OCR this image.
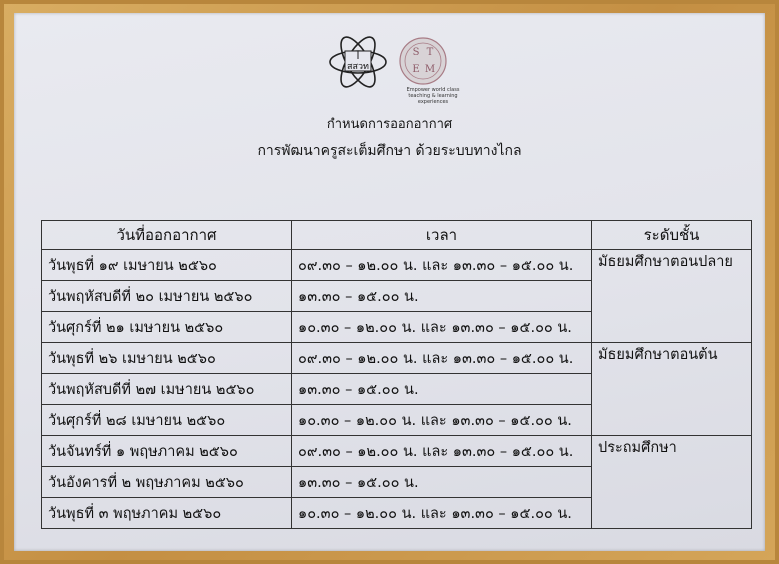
สสวท
S T
E M
Empower world class
teaching & learning experiences
กำหนดการออกอากาศ
การพัฒนาครูสะเต็มศึกษา ด้วยระบบทางไกล
วันที่ออกอากาศ	เวลา	ระดับชั้น
วันพุธที่ ๑๙ เมษายน ๒๕๖๐	๐๙.๓๐ – ๑๒.๐๐ น. และ ๑๓.๓๐ – ๑๕.๐๐ น.	มัธยมศึกษาตอนปลาย
วันพฤหัสบดีที่ ๒๐ เมษายน ๒๕๖๐	๑๓.๓๐ – ๑๕.๐๐ น.	
วันศุกร์ที่ ๒๑ เมษายน ๒๕๖๐	๑๐.๓๐ – ๑๒.๐๐ น. และ ๑๓.๓๐ – ๑๕.๐๐ น.	
วันพุธที่ ๒๖ เมษายน ๒๕๖๐	๐๙.๓๐ – ๑๒.๐๐ น. และ ๑๓.๓๐ – ๑๕.๐๐ น.	มัธยมศึกษาตอนต้น
วันพฤหัสบดีที่ ๒๗ เมษายน ๒๕๖๐	๑๓.๓๐ – ๑๕.๐๐ น.	
วันศุกร์ที่ ๒๘ เมษายน ๒๕๖๐	๑๐.๓๐ – ๑๒.๐๐ น. และ ๑๓.๓๐ – ๑๕.๐๐ น.	
วันจันทร์ที่ ๑ พฤษภาคม ๒๕๖๐	๐๙.๓๐ – ๑๒.๐๐ น. และ ๑๓.๓๐ – ๑๕.๐๐ น.	ประถมศึกษา
วันอังคารที่ ๒ พฤษภาคม ๒๕๖๐	๑๓.๓๐ – ๑๕.๐๐ น.	
วันพุธที่ ๓ พฤษภาคม ๒๕๖๐	๑๐.๓๐ – ๑๒.๐๐ น. และ ๑๓.๓๐ – ๑๕.๐๐ น.	
